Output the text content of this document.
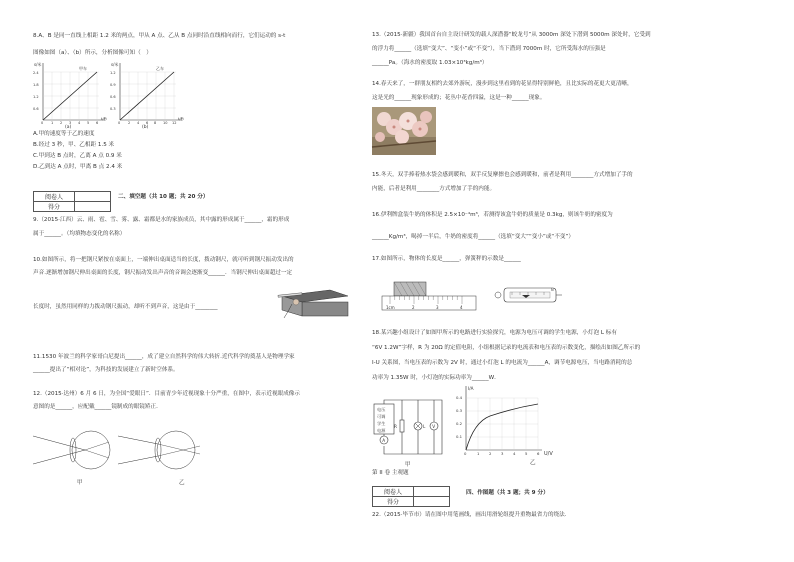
8.A、B 是同一直线上相距 1.2 米的两点，甲从 A 点、乙从 B 点同时沿直线相向而行，它们运动的 s-t
图像如图（a）、（b）所示，分析图像可知（　）
s/米
甲车
2.4
1.8
1.2
0.6
0 1 2 3 4 5 6
t/秒
(a)
s/米
乙车
1.2
0.9
0.6
0.3
0 2 4 6 8 10 12
t/秒
(b)
A.甲的速度等于乙的速度
B.经过 3 秒，甲、乙相距 1.5 米
C.甲到达 B 点时，乙离 A 点 0.9 米
D.乙到达 A 点时，甲离 B 点 2.4 米
阅卷人	
得分	
二、填空题（共 10 题；共 20 分）
9.（2015·江西）云、雨、雹、雪、雾、露、霜都是水的家族成员，其中露的形成属于______，霜的形成
属于______。（均填物态变化的名称）
10.如图所示，将一把钢尺紧按在桌面上，一端伸出桌面适当的长度，拨动钢尺，就可听到钢尺振动发出的
声音.逐渐增加钢尺伸出桌面的长度，钢尺振动发出声音的音调会逐渐变______．当钢尺伸出桌面超过一定
长度时，虽然用同样的力拨动钢尺振动，却听不到声音，这是由于________
11.1530 年波兰的科学家哥白尼提出______，成了建立自然科学的伟大转折.近代科学的奠基人是物理学家
______提出了“相对论”，为科技的发展建立了新时空体系。
12.（2015·达州）6 月 6 日，为全国“爱眼日”．目前青少年近视现象十分严重，在图中，表示近视眼成像示
意图的是______，应配戴______镜制成的眼镜矫正．
甲	乙
13.（2015·新疆）我国首台自主设计研发的载人深潜器“蛟龙号”从 3000m 深处下潜到 5000m 深处时，它受到
的浮力将______（选填“变大”、“变小”或“不变”），当下潜到 7000m 时，它所受海水的压强是
______Pa。（海水的密度取 1.03×10³kg/m³）
14.春天来了，一群朋友相约去郊外游玩，漫步到这里看到的花显得特别鲜艳，且比实际的花更大更清晰，
这是光的______现象形成的；花丛中花香四溢，这是一种______现象。
15.冬天，双手捧着热水袋会感到暖和，双手反复摩擦也会感到暖和，前者是利用________方式增加了手的
内能，后者是利用________方式增加了手的内能。
16.伊利牌盒装牛奶的体积是 2.5×10⁻⁴m³，若测得该盒牛奶的质量是 0.3kg，则该牛奶的密度为
______Kg/m³，喝掉一半后，牛奶的密度将______（选填“变大”“变小”或“不变”）
17.如图所示，物体的长度是______，弹簧秤的示数是______
1cm	2	3	4
N
18.某兴趣小组设计了如图甲所示的电路进行实验探究，电源为电压可调的学生电源，小灯泡 L 标有
“6V 1.2W”字样，R 为 20Ω 的定值电阻，小组根据记录的电流表和电压表的示数变化，描绘出如图乙所示的
I-U 关系图，当电压表的示数为 2V 时，通过小灯泡 L 的电流为______A，调节电源电压，当电路消耗的总
功率为 1.35W 时，小灯泡的实际功率为______W．
电压
可调
学生
电源
A
R	L V
甲
I/A
0.4
0.3
0.2
0.1
0	1	2	3	4	5	6
乙
U/V
第 II 卷 主观题
阅卷人	
得分	
四、作图题（共 3 题；共 9 分）
22.（2015·毕节市）请在图中用笔画线，画出用滑轮组提升重物最省力的绕法.
